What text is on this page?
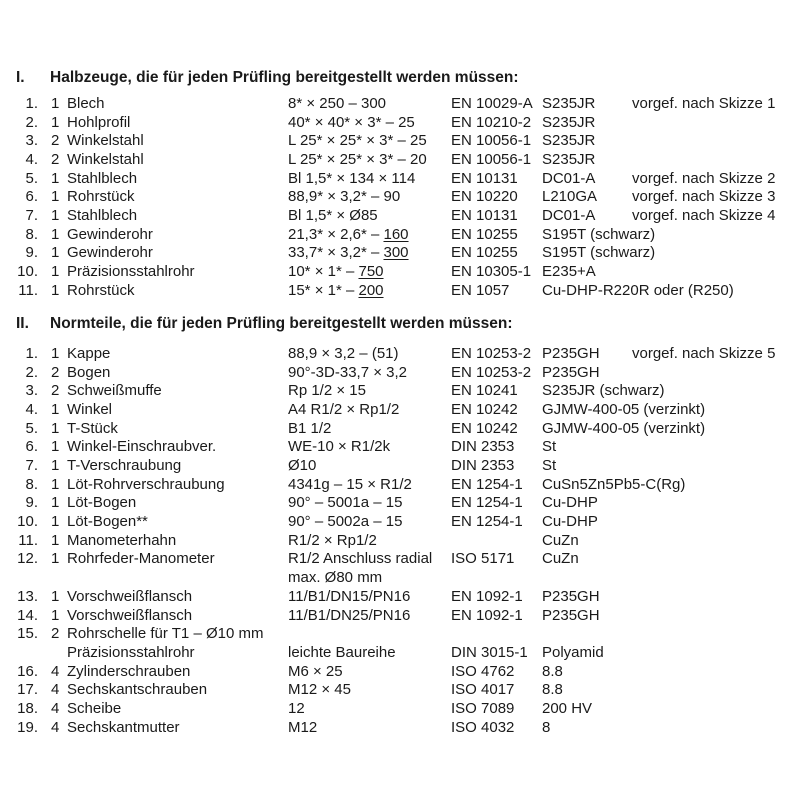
I. Halbzeuge, die für jeden Prüfling bereitgestellt werden müssen:
1. 1 Blech	8* × 250 – 300	EN 10029-A S235JR vorgef. nach Skizze 1
2. 1 Hohlprofil	40* × 40* × 3* – 25 EN 10210-2 S235JR
3. 2 Winkelstahl	L 25* × 25* × 3* – 25 EN 10056-1 S235JR
4. 2 Winkelstahl	L 25* × 25* × 3* – 20 EN 10056-1 S235JR
5. 1 Stahlblech	Bl 1,5* × 134 × 114 EN 10131 DC01-A vorgef. nach Skizze 2
6. 1 Rohrstück	88,9* × 3,2* – 90	EN 10220 L210GA vorgef. nach Skizze 3
7. 1 Stahlblech	Bl 1,5* × Ø85	EN 10131 DC01-A vorgef. nach Skizze 4
8. 1 Gewinderohr	21,3* × 2,6* – 160	EN 10255 S195T (schwarz)
9. 1 Gewinderohr	33,7* × 3,2* – 300	EN 10255 S195T (schwarz)
10. 1 Präzisionsstahlrohr	10* × 1* – 750	EN 10305-1 E235+A
11. 1 Rohrstück	15* × 1* – 200	EN 1057 Cu-DHP-R220R oder (R250)
II. Normteile, die für jeden Prüfling bereitgestellt werden müssen:
1. 1 Kappe	88,9 × 3,2 – (51)	EN 10253-2 P235GH vorgef. nach Skizze 5
2. 2 Bogen	90°-3D-33,7 × 3,2	EN 10253-2 P235GH
3. 2 Schweißmuffe	Rp 1/2 × 15	EN 10241 S235JR (schwarz)
4. 1 Winkel	A4 R1/2 × Rp1/2	EN 10242 GJMW-400-05 (verzinkt)
5. 1 T-Stück	B1 1/2	EN 10242 GJMW-400-05 (verzinkt)
6. 1 Winkel-Einschraubver.	WE-10 × R1/2k	DIN 2353 St
7. 1 T-Verschraubung	Ø10	DIN 2353 St
8. 1 Löt-Rohrverschraubung	4341g – 15 × R1/2	EN 1254-1 CuSn5Zn5Pb5-C(Rg)
9. 1 Löt-Bogen	90° – 5001a – 15	EN 1254-1 Cu-DHP
10. 1 Löt-Bogen**	90° – 5002a – 15	EN 1254-1 Cu-DHP
11. 1 Manometerhahn	R1/2 × Rp1/2	CuZn
12. 1 Rohrfeder-Manometer	R1/2 Anschluss radial ISO 5171 CuZn
max. Ø80 mm
13. 1 Vorschweißflansch	11/B1/DN15/PN16	EN 1092-1 P235GH
14. 1 Vorschweißflansch	11/B1/DN25/PN16	EN 1092-1 P235GH
15. 2 Rohrschelle für T1 – Ø10 mm
Präzisionsstahlrohr	leichte Baureihe	DIN 3015-1 Polyamid
16. 4 Zylinderschrauben	M6 × 25	ISO 4762 8.8
17. 4 Sechskantschrauben	M12 × 45	ISO 4017 8.8
18. 4 Scheibe	12	ISO 7089 200 HV
19. 4 Sechskantmutter	M12	ISO 4032 8
